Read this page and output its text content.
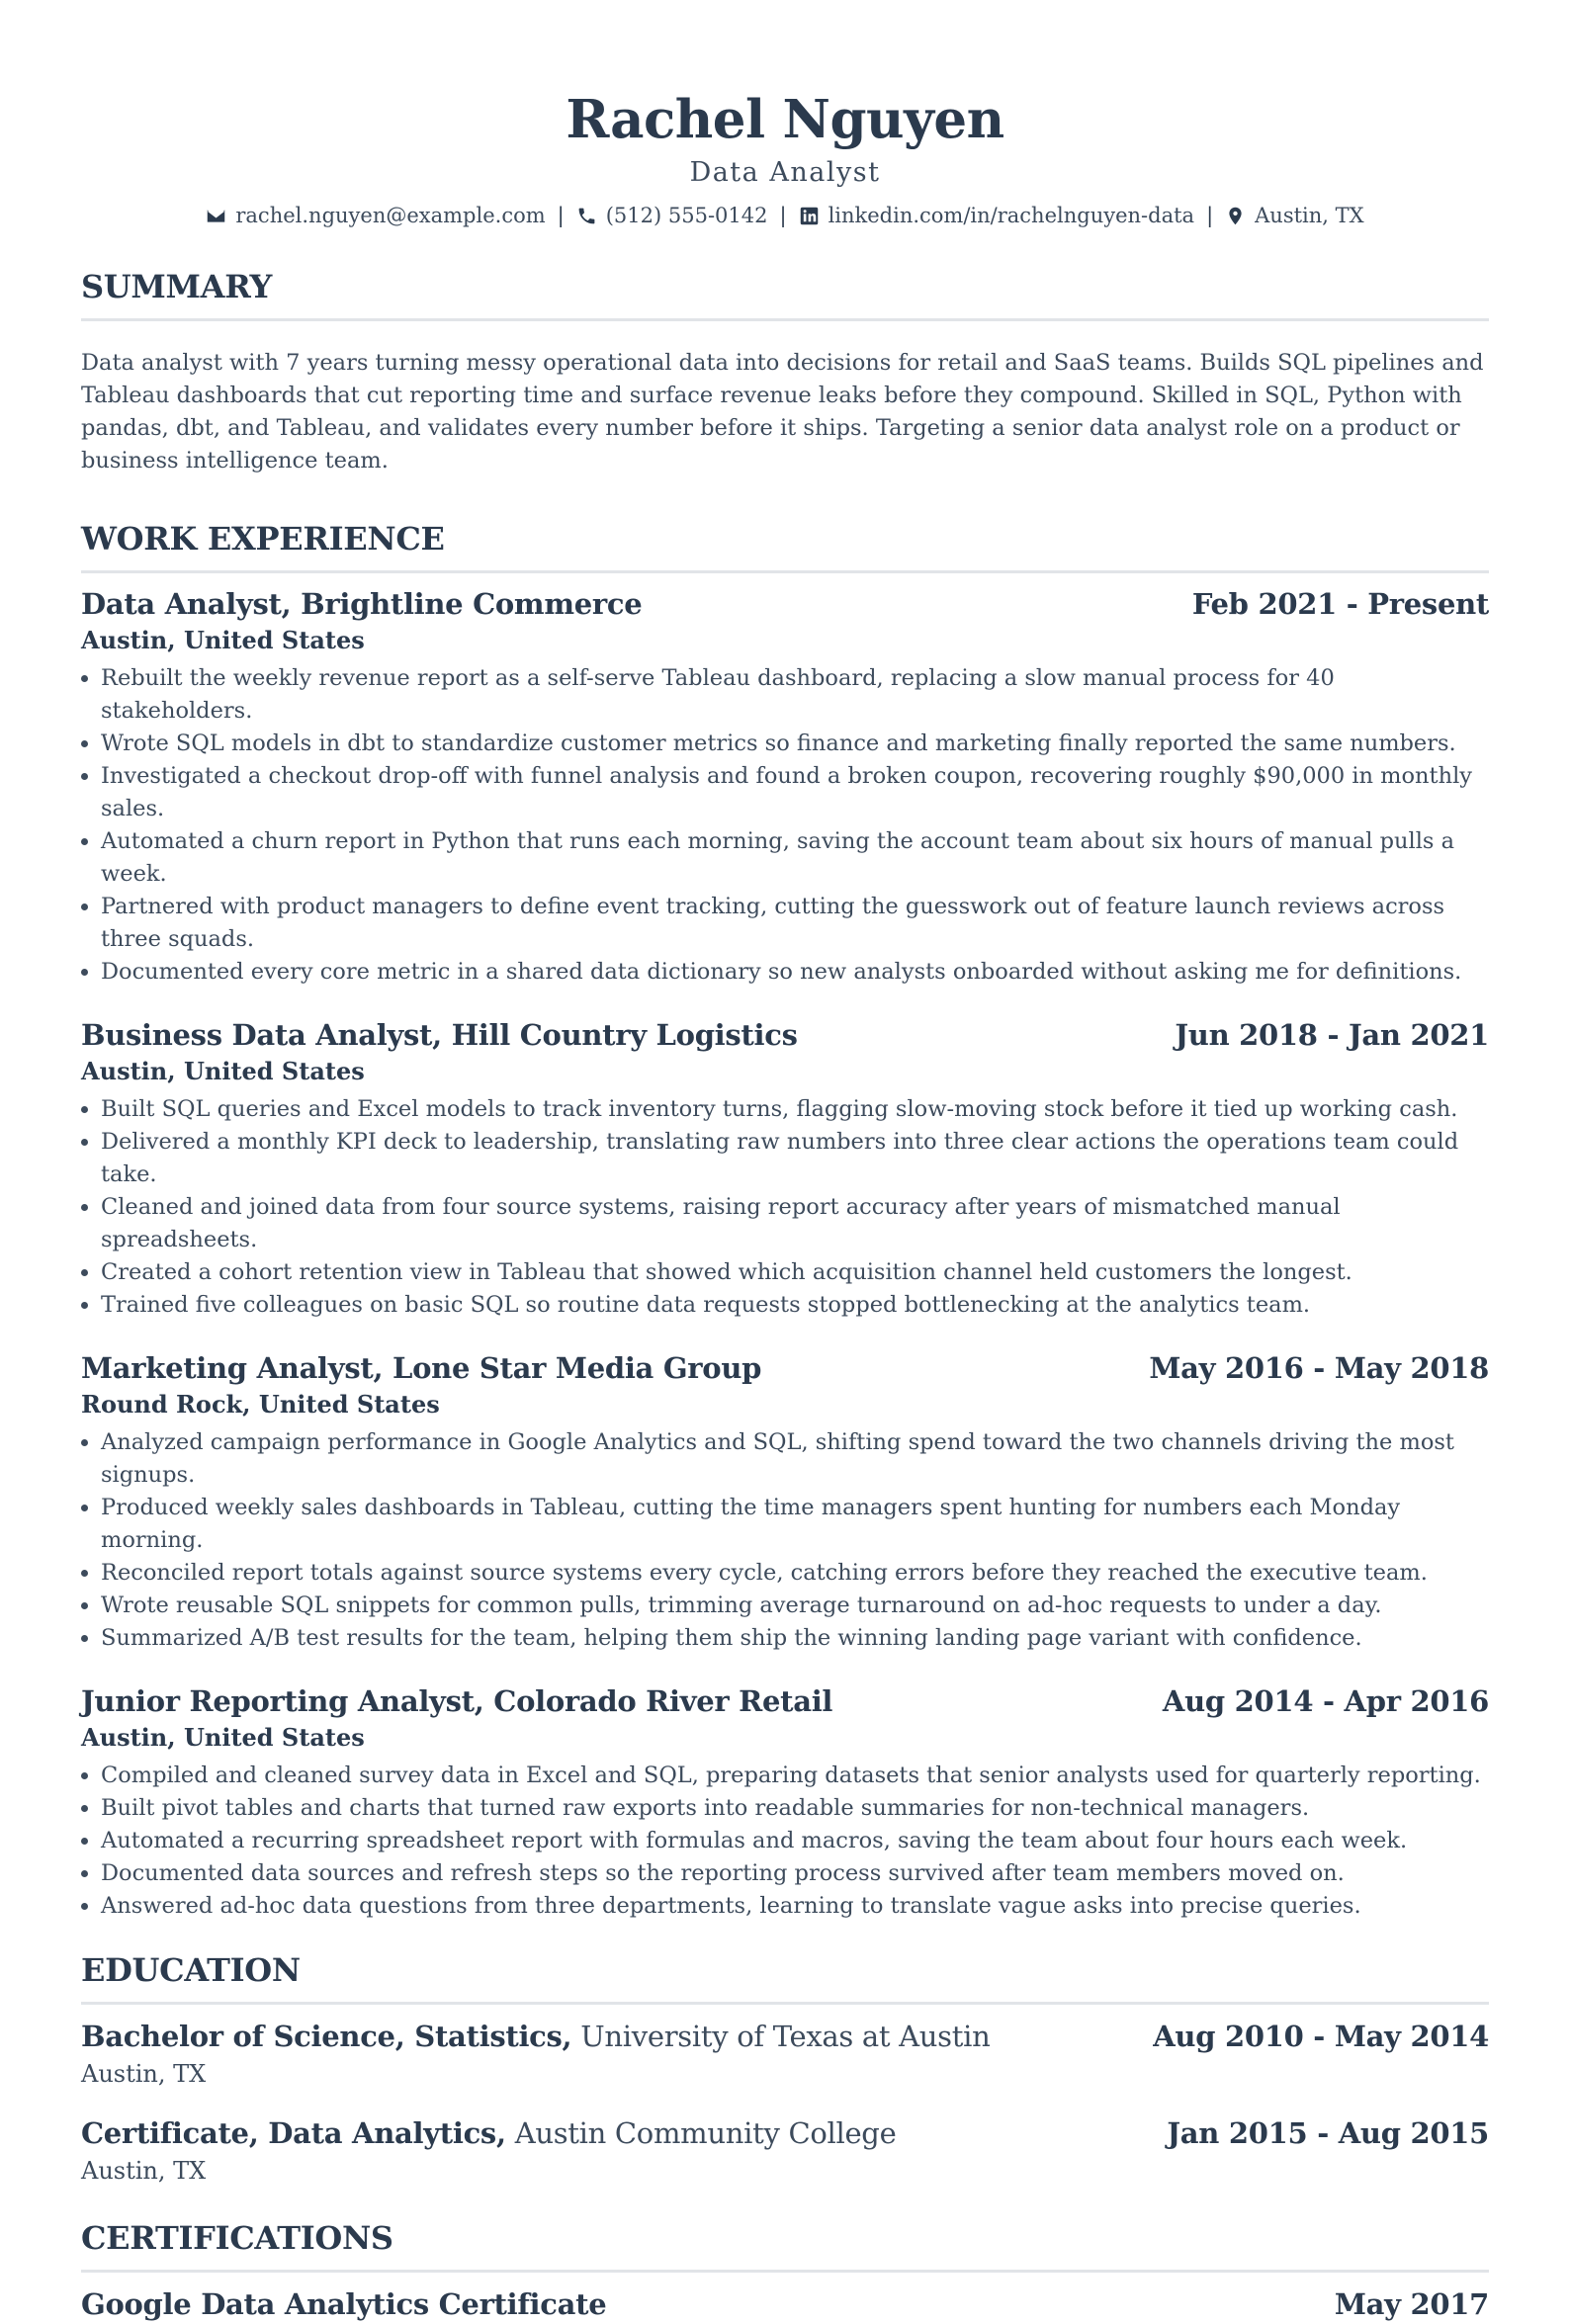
Rachel Nguyen
Data Analyst
rachel.nguyen@example.com | (512) 555-0142 | linkedin.com/in/rachelnguyen-data | Austin, TX
SUMMARY
Data analyst with 7 years turning messy operational data into decisions for retail and SaaS teams. Builds SQL pipelines and Tableau dashboards that cut reporting time and surface revenue leaks before they compound. Skilled in SQL, Python with pandas, dbt, and Tableau, and validates every number before it ships. Targeting a senior data analyst role on a product or business intelligence team.
WORK EXPERIENCE
Data Analyst, Brightline Commerce	Feb 2021 - Present
Austin, United States
• Rebuilt the weekly revenue report as a self-serve Tableau dashboard, replacing a slow manual process for 40 stakeholders.
• Wrote SQL models in dbt to standardize customer metrics so finance and marketing finally reported the same numbers.
• Investigated a checkout drop-off with funnel analysis and found a broken coupon, recovering roughly $90,000 in monthly sales.
• Automated a churn report in Python that runs each morning, saving the account team about six hours of manual pulls a week.
• Partnered with product managers to define event tracking, cutting the guesswork out of feature launch reviews across three squads.
• Documented every core metric in a shared data dictionary so new analysts onboarded without asking me for definitions.
Business Data Analyst, Hill Country Logistics	Jun 2018 - Jan 2021
Austin, United States
• Built SQL queries and Excel models to track inventory turns, flagging slow-moving stock before it tied up working cash.
• Delivered a monthly KPI deck to leadership, translating raw numbers into three clear actions the operations team could take.
• Cleaned and joined data from four source systems, raising report accuracy after years of mismatched manual spreadsheets.
• Created a cohort retention view in Tableau that showed which acquisition channel held customers the longest.
• Trained five colleagues on basic SQL so routine data requests stopped bottlenecking at the analytics team.
Marketing Analyst, Lone Star Media Group	May 2016 - May 2018
Round Rock, United States
• Analyzed campaign performance in Google Analytics and SQL, shifting spend toward the two channels driving the most signups.
• Produced weekly sales dashboards in Tableau, cutting the time managers spent hunting for numbers each Monday morning.
• Reconciled report totals against source systems every cycle, catching errors before they reached the executive team.
• Wrote reusable SQL snippets for common pulls, trimming average turnaround on ad-hoc requests to under a day.
• Summarized A/B test results for the team, helping them ship the winning landing page variant with confidence.
Junior Reporting Analyst, Colorado River Retail	Aug 2014 - Apr 2016
Austin, United States
• Compiled and cleaned survey data in Excel and SQL, preparing datasets that senior analysts used for quarterly reporting.
• Built pivot tables and charts that turned raw exports into readable summaries for non-technical managers.
• Automated a recurring spreadsheet report with formulas and macros, saving the team about four hours each week.
• Documented data sources and refresh steps so the reporting process survived after team members moved on.
• Answered ad-hoc data questions from three departments, learning to translate vague asks into precise queries.
EDUCATION
Bachelor of Science, Statistics, University of Texas at Austin	Aug 2010 - May 2014
Austin, TX
Certificate, Data Analytics, Austin Community College	Jan 2015 - Aug 2015
Austin, TX
CERTIFICATIONS
Google Data Analytics Certificate	May 2017
